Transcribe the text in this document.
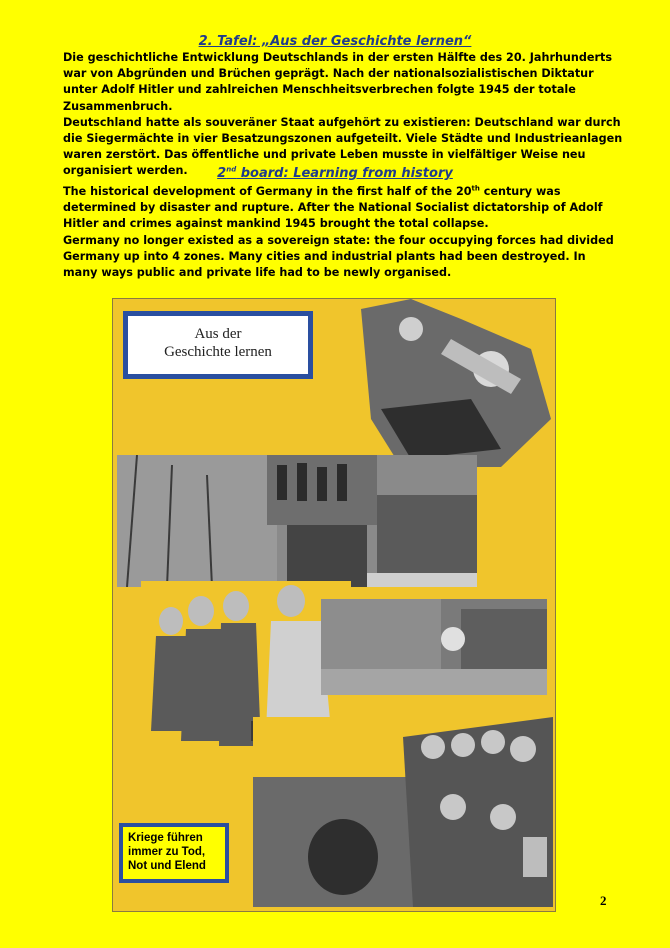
2. Tafel: „Aus der Geschichte lernen“

Die geschichtliche Entwicklung Deutschlands in der ersten Hälfte des 20. Jahrhunderts war von Abgründen und Brüchen geprägt. Nach der nationalsozialistischen Diktatur unter Adolf Hitler und zahlreichen Menschheitsverbrechen folgte 1945 der totale Zusammenbruch.

Deutschland hatte als souveräner Staat aufgehört zu existieren: Deutschland war durch die Siegermächte in vier Besatzungszonen aufgeteilt. Viele Städte und Industrieanlagen waren zerstört. Das öffentliche und private Leben musste in vielfältiger Weise neu organisiert werden.	2nd board: Learning from history

The historical development of Germany in the first half of the 20th century was determined by disaster and rupture. After the National Socialist dictatorship of Adolf Hitler and crimes against mankind 1945 brought the total collapse.

Germany no longer existed as a sovereign state: the four occupying forces had divided Germany up into 4 zones. Many cities and industrial plants had been destroyed. In many ways public and private life had to be newly organised.

Aus der
Geschichte lernen
Kriege führen
immer zu Tod,
Not und Elend
2
